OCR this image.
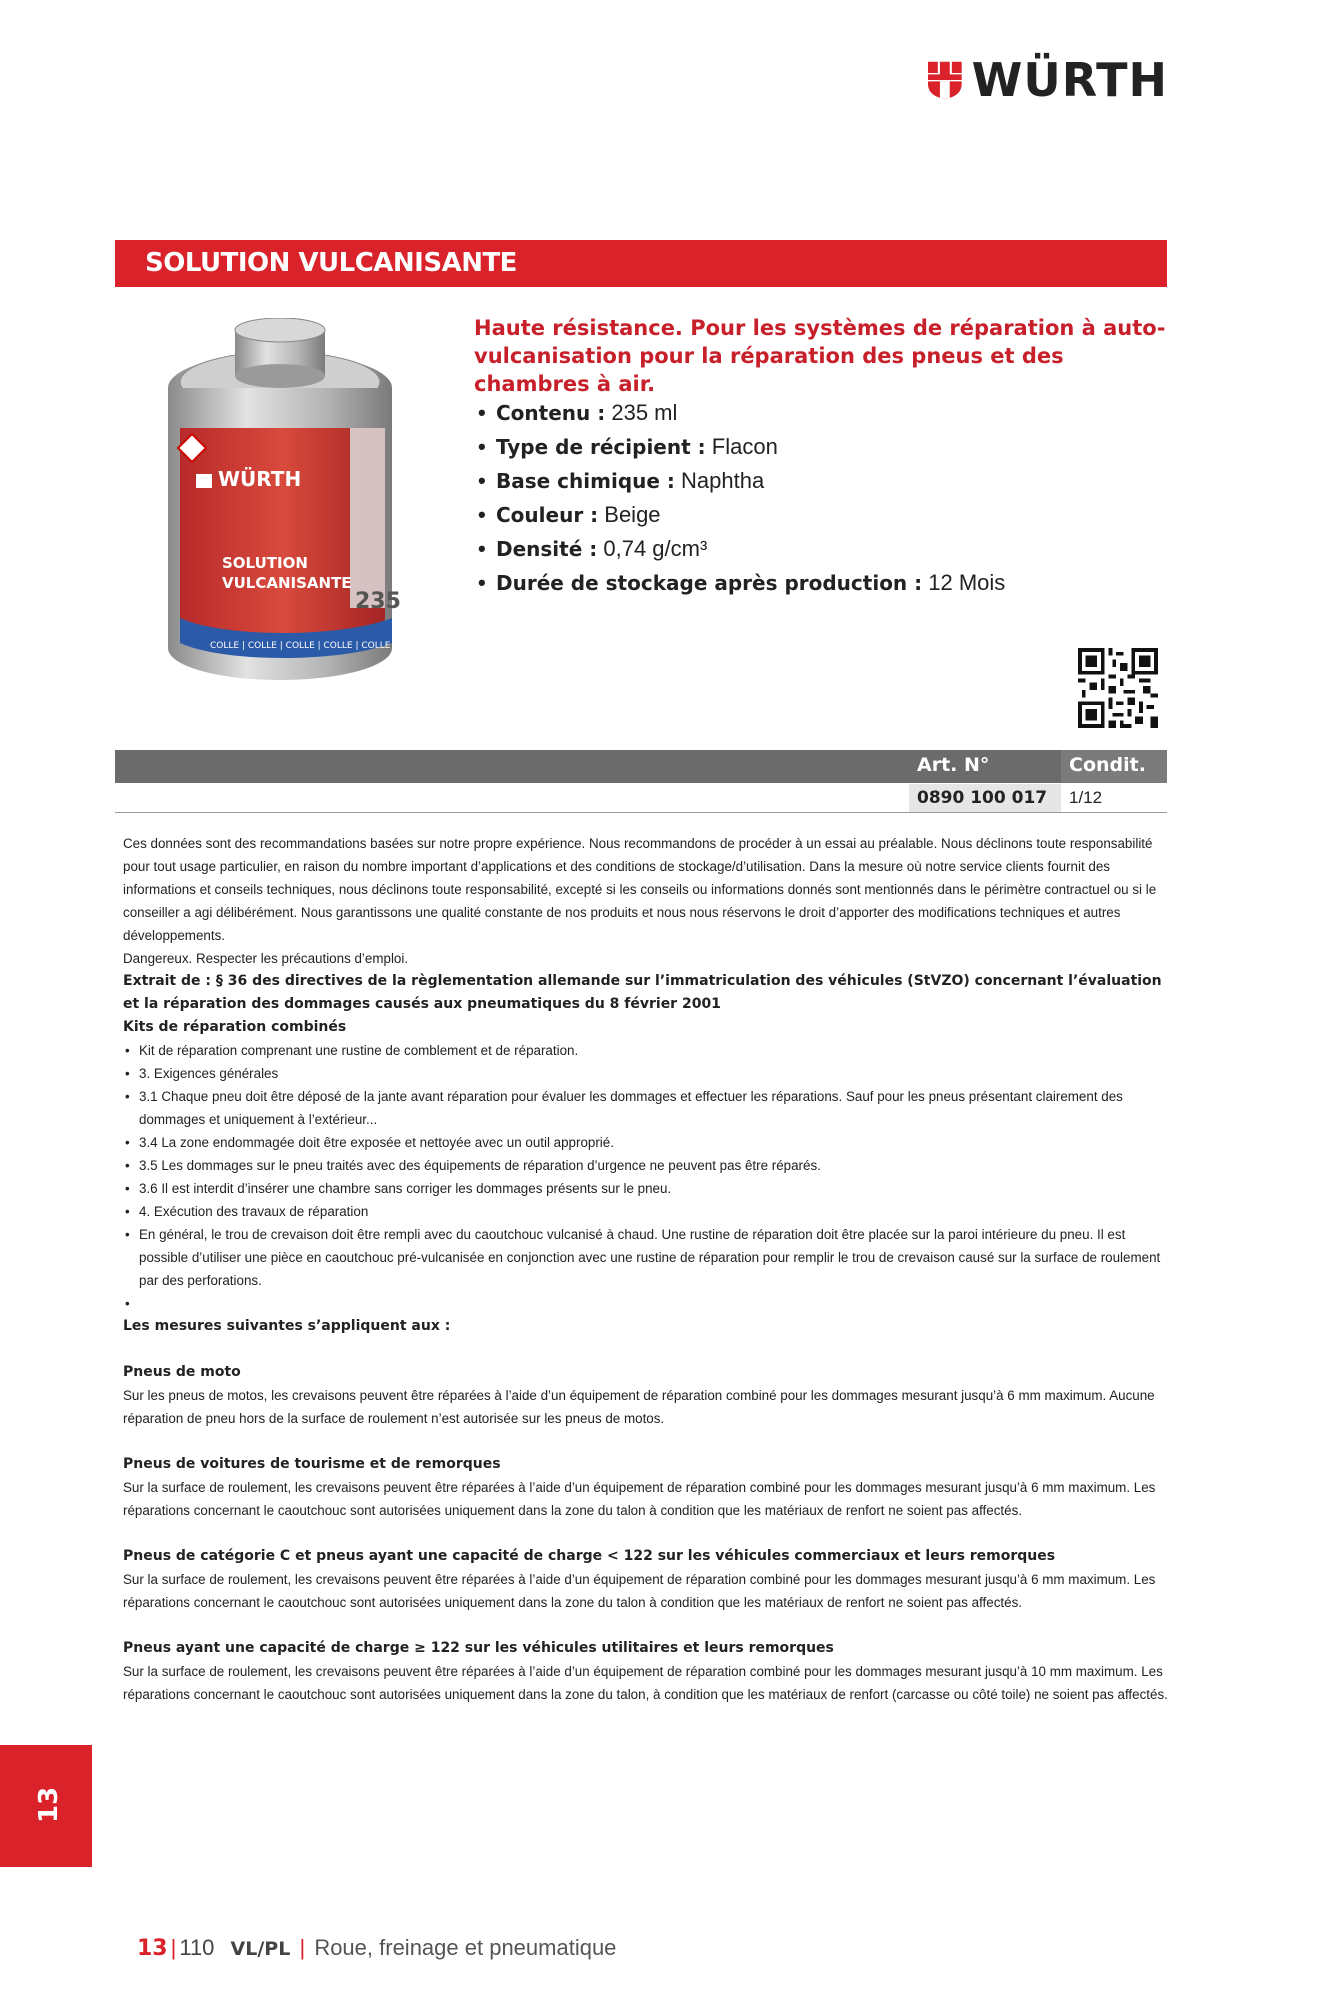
WÜRTH
SOLUTION VULCANISANTE
WÜRTH
SOLUTION
VULCANISANTE
235
COLLE | COLLE | COLLE | COLLE | COLLE
Haute résistance. Pour les systèmes de réparation à auto-vulcanisation pour la réparation des pneus et des chambres à air.
• Contenu : 235 ml
• Type de récipient : Flacon
• Base chimique : Naphtha
• Couleur : Beige
• Densité : 0,74 g/cm³
• Durée de stockage après production : 12 Mois
Art. N°	Condit.
0890 100 017 1/12

Ces données sont des recommandations basées sur notre propre expérience. Nous recommandons de procéder à un essai au préalable. Nous déclinons toute responsabilité pour tout usage particulier, en raison du nombre important d’applications et des conditions de stockage/d’utilisation. Dans la mesure où notre service clients fournit des informations et conseils techniques, nous déclinons toute responsabilité, excepté si les conseils ou informations donnés sont mentionnés dans le périmètre contractuel ou si le conseiller a agi délibérément. Nous garantissons une qualité constante de nos produits et nous nous réservons le droit d’apporter des modifications techniques et autres développements.

Dangereux. Respecter les précautions d’emploi.

Extrait de : § 36 des directives de la règlementation allemande sur l’immatriculation des véhicules (StVZO) concernant l’évaluation et la réparation des dommages causés aux pneumatiques du 8 février 2001

Kits de réparation combinés

• Kit de réparation comprenant une rustine de comblement et de réparation.
• 3. Exigences générales
• 3.1 Chaque pneu doit être déposé de la jante avant réparation pour évaluer les dommages et effectuer les réparations. Sauf pour les pneus présentant clairement des dommages et uniquement à l’extérieur...
• 3.4 La zone endommagée doit être exposée et nettoyée avec un outil approprié.
• 3.5 Les dommages sur le pneu traités avec des équipements de réparation d’urgence ne peuvent pas être réparés.
• 3.6 Il est interdit d’insérer une chambre sans corriger les dommages présents sur le pneu.
• 4. Exécution des travaux de réparation
• En général, le trou de crevaison doit être rempli avec du caoutchouc vulcanisé à chaud. Une rustine de réparation doit être placée sur la paroi intérieure du pneu. Il est possible d’utiliser une pièce en caoutchouc pré-vulcanisée en conjonction avec une rustine de réparation pour remplir le trou de crevaison causé sur la surface de roulement par des perforations.
•

Les mesures suivantes s’appliquent aux :

Pneus de moto

Sur les pneus de motos, les crevaisons peuvent être réparées à l’aide d’un équipement de réparation combiné pour les dommages mesurant jusqu’à 6 mm maximum. Aucune réparation de pneu hors de la surface de roulement n’est autorisée sur les pneus de motos.

Pneus de voitures de tourisme et de remorques

Sur la surface de roulement, les crevaisons peuvent être réparées à l’aide d’un équipement de réparation combiné pour les dommages mesurant jusqu’à 6 mm maximum. Les réparations concernant le caoutchouc sont autorisées uniquement dans la zone du talon à condition que les matériaux de renfort ne soient pas affectés.

Pneus de catégorie C et pneus ayant une capacité de charge < 122 sur les véhicules commerciaux et leurs remorques

Sur la surface de roulement, les crevaisons peuvent être réparées à l’aide d’un équipement de réparation combiné pour les dommages mesurant jusqu’à 6 mm maximum. Les réparations concernant le caoutchouc sont autorisées uniquement dans la zone du talon à condition que les matériaux de renfort ne soient pas affectés.

Pneus ayant une capacité de charge ≥ 122 sur les véhicules utilitaires et leurs remorques

Sur la surface de roulement, les crevaisons peuvent être réparées à l’aide d’un équipement de réparation combiné pour les dommages mesurant jusqu’à 10 mm maximum. Les réparations concernant le caoutchouc sont autorisées uniquement dans la zone du talon, à condition que les matériaux de renfort (carcasse ou côté toile) ne soient pas affectés.

13
13 | 110 VL/PL | Roue, freinage et pneumatique
